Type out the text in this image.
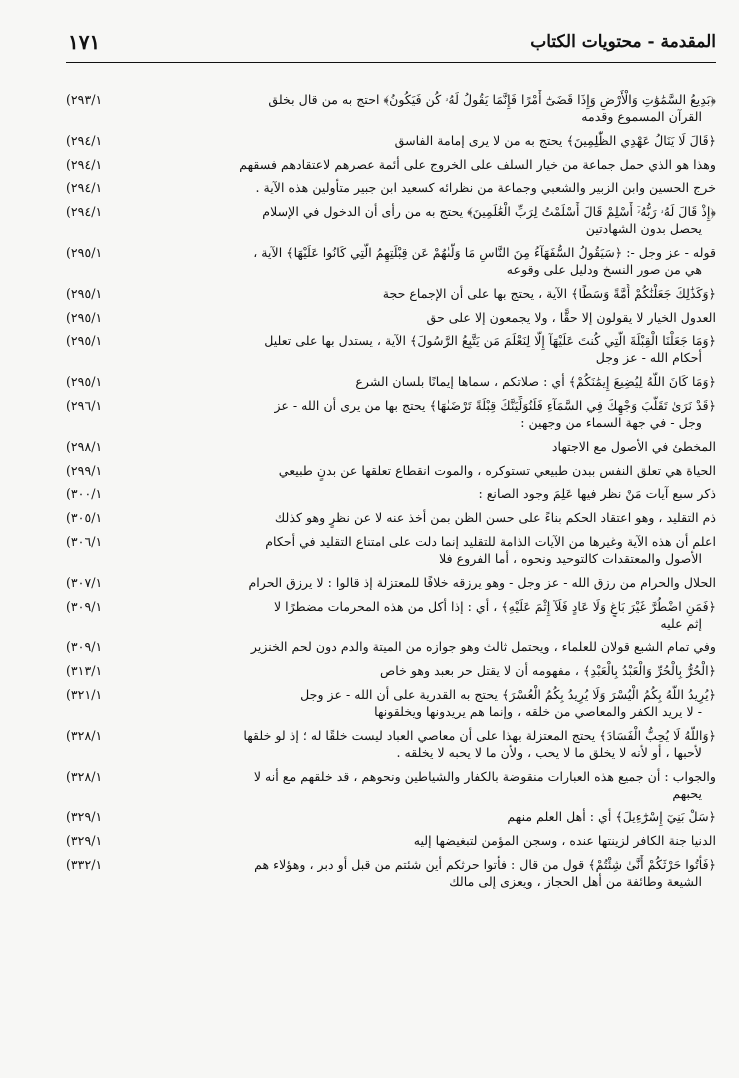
المقدمة - محتويات الكتاب
١٧١
﴿بَدِيعُ السَّمَٰوَٰتِ وَالْأَرْضِ وَإِذَا قَضَىٰٓ أَمْرًا فَإِنَّمَا يَقُولُ لَهُۥ كُن فَيَكُونُ﴾ احتج به من قال بخلق
(٢٩٣/١
القرآن المسموع وقدمه
﴿قَالَ لَا يَنَالُ عَهْدِي الظَّٰلِمِينَ﴾ يحتج به من لا يرى إمامة الفاسق
(٢٩٤/١
وهذا هو الذي حمل جماعة من خيار السلف على الخروج على أئمة عصرهم لاعتقادهم فسقهم
(٢٩٤/١
خرج الحسين وابن الزبير والشعبي وجماعة من نظرائه كسعيد ابن جبير متأولين هذه الآية .
(٢٩٤/١
﴿إِذْ قَالَ لَهُۥ رَبُّهُۥٓ أَسْلِمْ قَالَ أَسْلَمْتُ لِرَبِّ الْعَٰلَمِينَ﴾ يحتج به من رأى أن الدخول في الإسلام
(٢٩٤/١
يحصل بدون الشهادتين
قوله - عز وجل -: ﴿سَيَقُولُ السُّفَهَآءُ مِنَ النَّاسِ مَا وَلَّىٰهُمْ عَن قِبْلَتِهِمُ الَّتِي كَانُوا عَلَيْهَا﴾ الآية ،
(٢٩٥/١
هي من صور النسخ ودليل على وقوعه
﴿وَكَذَٰلِكَ جَعَلْنَٰكُمْ أُمَّةً وَسَطًا﴾ الآية ، يحتج بها على أن الإجماع حجة
(٢٩٥/١
العدول الخيار لا يقولون إلا حقًّا ، ولا يجمعون إلا على حق
(٢٩٥/١
﴿وَمَا جَعَلْنَا الْقِبْلَةَ الَّتِي كُنتَ عَلَيْهَآ إِلَّا لِنَعْلَمَ مَن يَتَّبِعُ الرَّسُولَ﴾ الآية ، يستدل بها على تعليل
(٢٩٥/١
أحكام الله - عز وجل
﴿وَمَا كَانَ اللَّهُ لِيُضِيعَ إِيمَٰنَكُمْ﴾ أي : صلاتكم ، سماها إيمانًا بلسان الشرع
(٢٩٥/١
﴿قَدْ نَرَىٰ تَقَلُّبَ وَجْهِكَ فِي السَّمَآءِ فَلَنُوَلِّيَنَّكَ قِبْلَةً تَرْضَىٰهَا﴾ يحتج بها من يرى أن الله - عز
(٢٩٦/١
وجل - في جهة السماء من وجهين :
المخطئ في الأصول مع الاجتهاد
(٢٩٨/١
الحياة هي تعلق النفس ببدن طبيعي تستوكره ، والموت انقطاع تعلقها عن بدنٍ طبيعي
(٢٩٩/١
ذكر سبع آيات مَنْ نظر فيها عَلِمَ وجود الصانع :
(٣٠٠/١
ذم التقليد ، وهو اعتقاد الحكم بناءً على حسن الظن بمن أخذ عنه لا عن نظرٍ وهو كذلك
(٣٠٥/١
اعلم أن هذه الآية وغيرها من الآيات الذامة للتقليد إنما دلت على امتناع التقليد في أحكام
(٣٠٦/١
الأصول والمعتقدات كالتوحيد ونحوه ، أما الفروع فلا
الحلال والحرام من رزق الله - عز وجل - وهو يرزقه خلافًا للمعتزلة إذ قالوا : لا يرزق الحرام
(٣٠٧/١
﴿فَمَنِ اضْطُرَّ غَيْرَ بَاغٍ وَلَا عَادٍ فَلَآ إِثْمَ عَلَيْهِ﴾ ، أي : إذا أكل من هذه المحرمات مضطرًا لا
(٣٠٩/١
إثم عليه
وفي تمام الشبع قولان للعلماء ، ويحتمل ثالث وهو جوازه من الميتة والدم دون لحم الخنزير
(٣٠٩/١
﴿الْحُرُّ بِالْحُرِّ وَالْعَبْدُ بِالْعَبْدِ﴾ ، مفهومه أن لا يقتل حر بعبد وهو خاص
(٣١٣/١
﴿يُرِيدُ اللَّهُ بِكُمُ الْيُسْرَ وَلَا يُرِيدُ بِكُمُ الْعُسْرَ﴾ يحتج به القدرية على أن الله - عز وجل
(٣٢١/١
- لا يريد الكفر والمعاصي من خلقه ، وإنما هم يريدونها ويخلقونها
﴿وَاللَّهُ لَا يُحِبُّ الْفَسَادَ﴾ يحتج المعتزلة بهذا على أن معاصي العباد ليست خلقًا له ؛ إذ لو خلقها
(٣٢٨/١
لأحبها ، أو لأنه لا يخلق ما لا يحب ، ولأن ما لا يحبه لا يخلقه .
والجواب : أن جميع هذه العبارات منقوضة بالكفار والشياطين ونحوهم ، قد خلقهم مع أنه لا
(٣٢٨/١
يحبهم
﴿سَلْ بَنِيٓ إِسْرَٰٓءِيلَ﴾ أي : أهل العلم منهم
(٣٢٩/١
الدنيا جنة الكافر لزينتها عنده ، وسجن المؤمن لتبغيضها إليه
(٣٢٩/١
﴿فَأْتُوا حَرْثَكُمْ أَنَّىٰ شِئْتُمْ﴾ قول من قال : فأتوا حرثكم أين شئتم من قبل أو دبر ، وهؤلاء هم
(٣٣٢/١
الشيعة وطائفة من أهل الحجاز ، ويعزى إلى مالك
